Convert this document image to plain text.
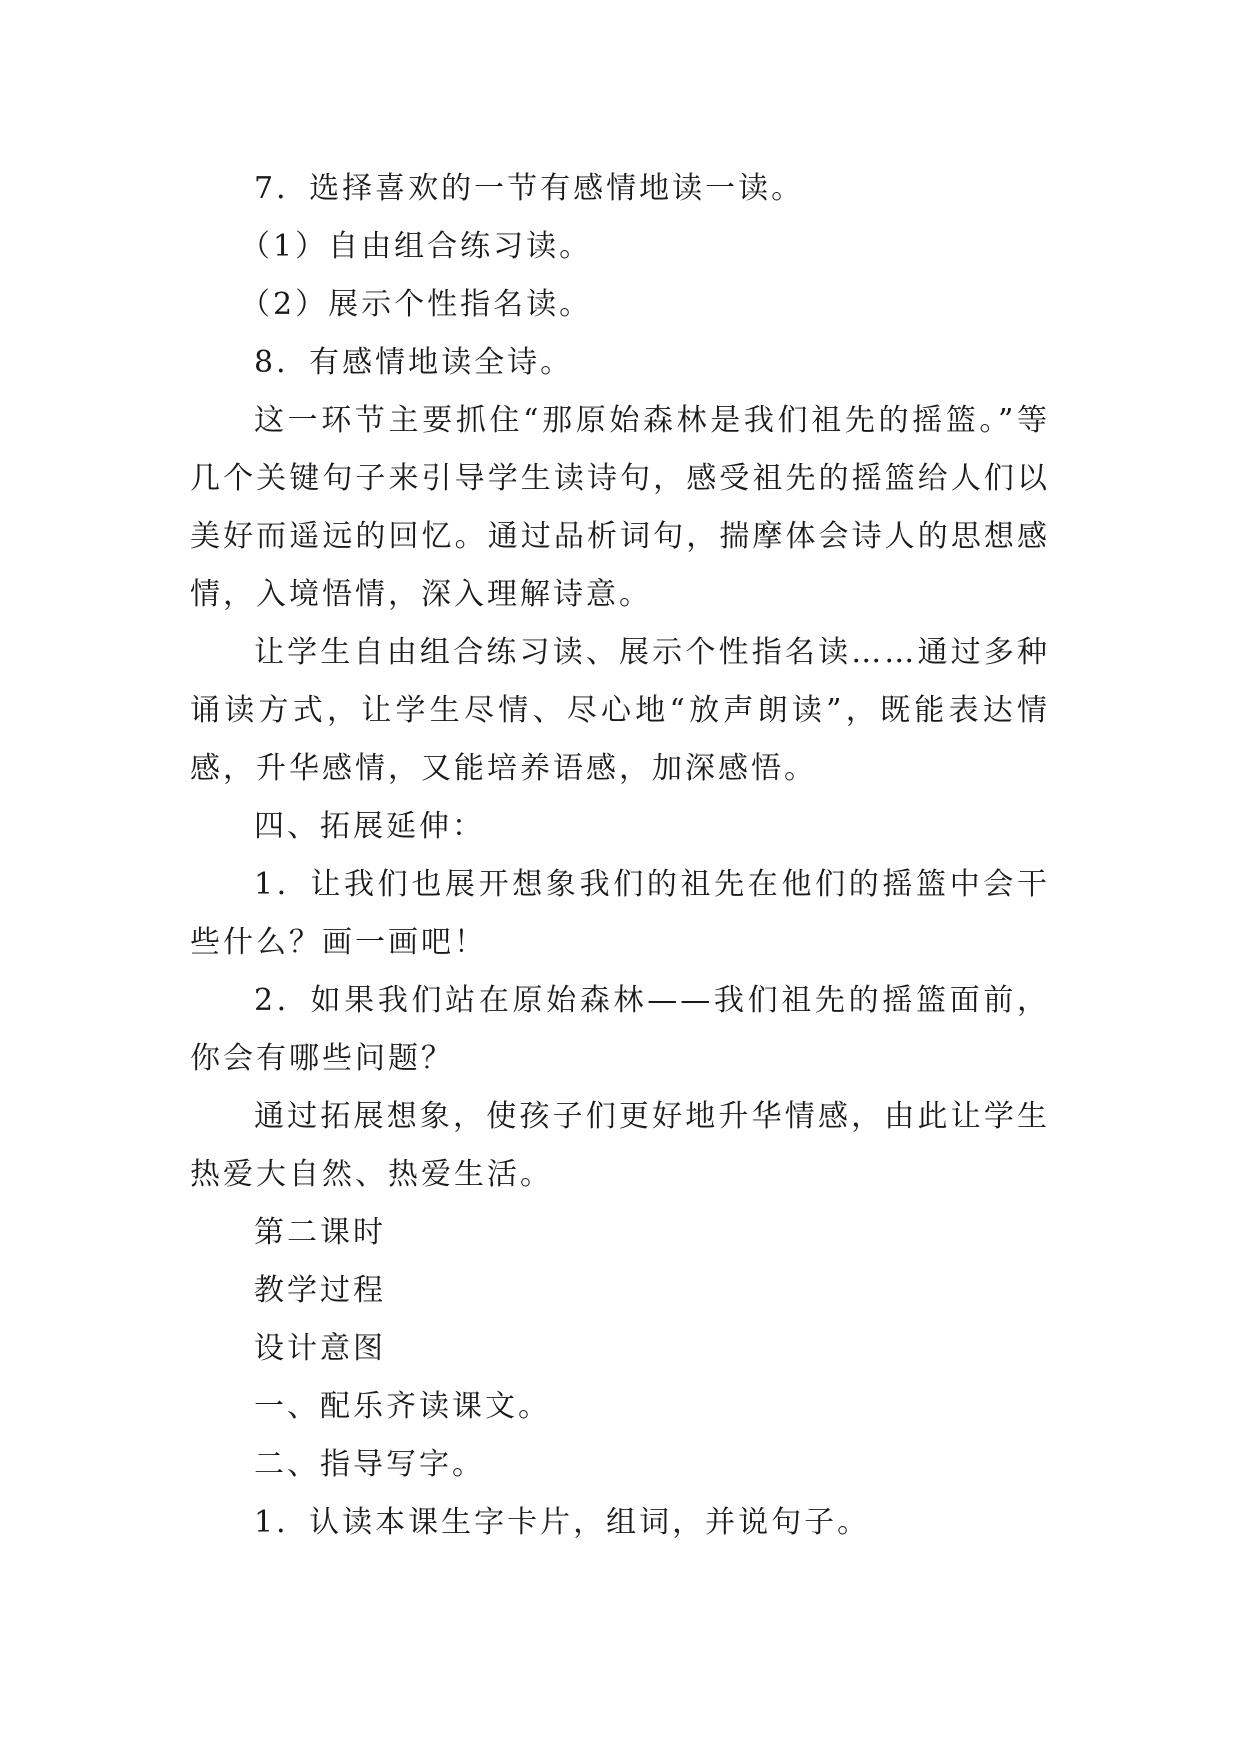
7．选择喜欢的一节有感情地读一读。

（1）自由组合练习读。

（2）展示个性指名读。

8．有感情地读全诗。

这一环节主要抓住“那原始森林是我们祖先的摇篮。”等几个关键句子来引导学生读诗句，感受祖先的摇篮给人们以美好而遥远的回忆。通过品析词句，揣摩体会诗人的思想感情，入境悟情，深入理解诗意。

让学生自由组合练习读、展示个性指名读……通过多种诵读方式，让学生尽情、尽心地“放声朗读”，既能表达情感，升华感情，又能培养语感，加深感悟。

四、拓展延伸：

1．让我们也展开想象我们的祖先在他们的摇篮中会干些什么？画一画吧！

2．如果我们站在原始森林——我们祖先的摇篮面前，你会有哪些问题？

通过拓展想象，使孩子们更好地升华情感，由此让学生热爱大自然、热爱生活。

第二课时

教学过程

设计意图

一、配乐齐读课文。

二、指导写字。

1．认读本课生字卡片，组词，并说句子。
